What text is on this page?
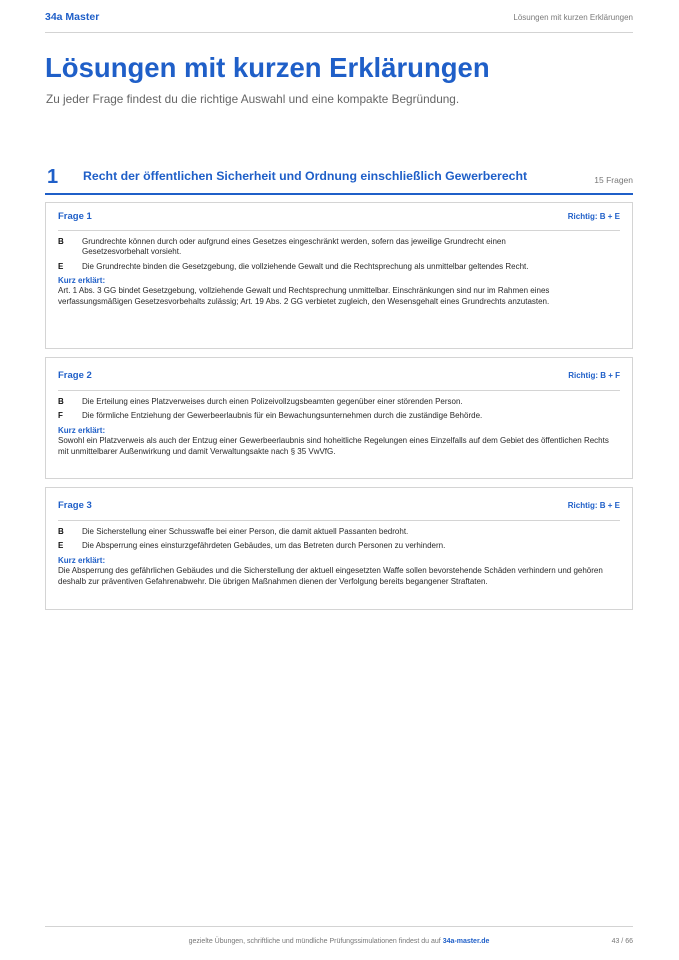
34a Master	Lösungen mit kurzen Erklärungen
Lösungen mit kurzen Erklärungen
Zu jeder Frage findest du die richtige Auswahl und eine kompakte Begründung.
1 Recht der öffentlichen Sicherheit und Ordnung einschließlich Gewerberecht	15 Fragen
Frage 1	Richtig: B + E
B	Grundrechte können durch oder aufgrund eines Gesetzes eingeschränkt werden, sofern das jeweilige Grundrecht einen Gesetzesvorbehalt vorsieht.
E	Die Grundrechte binden die Gesetzgebung, die vollziehende Gewalt und die Rechtsprechung als unmittelbar geltendes Recht.
Kurz erklärt:
Art. 1 Abs. 3 GG bindet Gesetzgebung, vollziehende Gewalt und Rechtsprechung unmittelbar. Einschränkungen sind nur im Rahmen eines verfassungsmäßigen Gesetzesvorbehalts zulässig; Art. 19 Abs. 2 GG verbietet zugleich, den Wesensgehalt eines Grundrechts anzutasten.
Frage 2	Richtig: B + F
B	Die Erteilung eines Platzverweises durch einen Polizeivollzugsbeamten gegenüber einer störenden Person.
F	Die förmliche Entziehung der Gewerbeerlaubnis für ein Bewachungsunternehmen durch die zuständige Behörde.
Kurz erklärt:
Sowohl ein Platzverweis als auch der Entzug einer Gewerbeerlaubnis sind hoheitliche Regelungen eines Einzelfalls auf dem Gebiet des öffentlichen Rechts mit unmittelbarer Außenwirkung und damit Verwaltungsakte nach § 35 VwVfG.
Frage 3	Richtig: B + E
B	Die Sicherstellung einer Schusswaffe bei einer Person, die damit aktuell Passanten bedroht.
E	Die Absperrung eines einsturzgefährdeten Gebäudes, um das Betreten durch Personen zu verhindern.
Kurz erklärt:
Die Absperrung des gefährlichen Gebäudes und die Sicherstellung der aktuell eingesetzten Waffe sollen bevorstehende Schäden verhindern und gehören deshalb zur präventiven Gefahrenabwehr. Die übrigen Maßnahmen dienen der Verfolgung bereits begangener Straftaten.
gezielte Übungen, schriftliche und mündliche Prüfungssimulationen findest du auf 34a-master.de	43 / 66
